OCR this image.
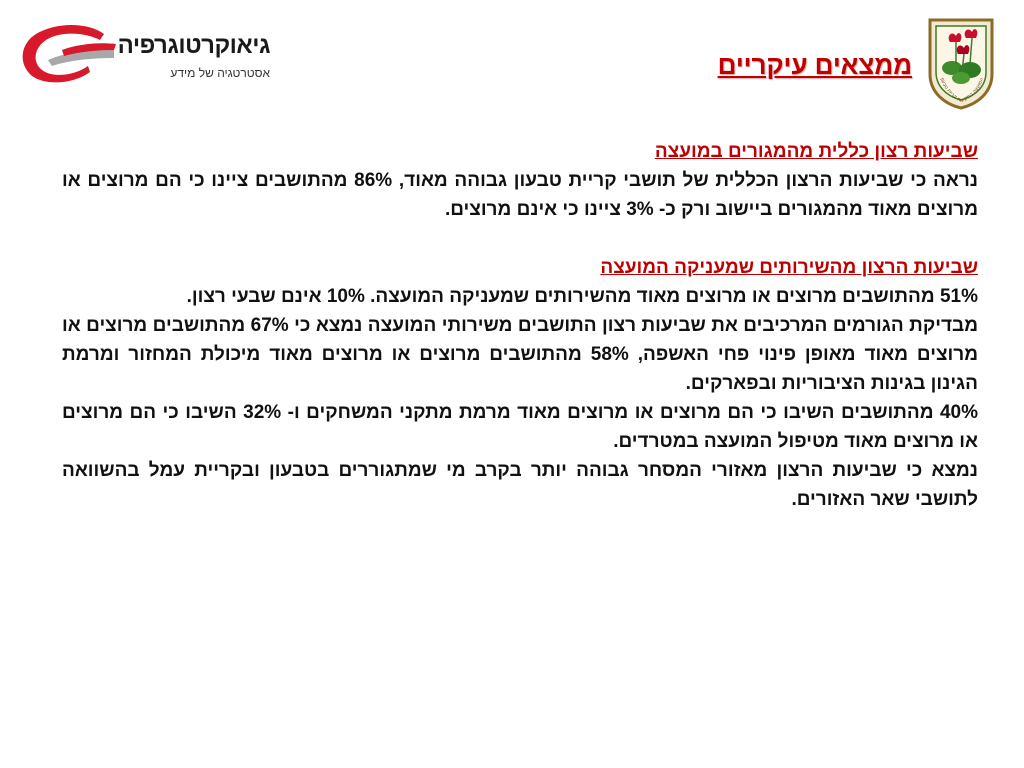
גיאוקרטוגרפיה
אסטרטגיה של מידע	ממצאים עיקריים	המועצה המקומית קריית טבעון

שביעות רצון כללית מהמגורים במועצה

נראה כי שביעות הרצון הכללית של תושבי קריית טבעון גבוהה מאוד, 86% מהתושבים ציינו כי הם מרוצים או מרוצים מאוד מהמגורים ביישוב ורק כ- 3% ציינו כי אינם מרוצים.

שביעות הרצון מהשירותים שמעניקה המועצה

51% מהתושבים מרוצים או מרוצים מאוד מהשירותים שמעניקה המועצה. 10% אינם שבעי רצון.

מבדיקת הגורמים המרכיבים את שביעות רצון התושבים משירותי המועצה נמצא כי 67% מהתושבים מרוצים או מרוצים מאוד מאופן פינוי פחי האשפה, 58% מהתושבים מרוצים או מרוצים מאוד מיכולת המחזור ומרמת הגינון בגינות הציבוריות ובפארקים.

40% מהתושבים השיבו כי הם מרוצים או מרוצים מאוד מרמת מתקני המשחקים ו- 32% השיבו כי הם מרוצים או מרוצים מאוד מטיפול המועצה במטרדים.

נמצא כי שביעות הרצון מאזורי המסחר גבוהה יותר בקרב מי שמתגוררים בטבעון ובקריית עמל בהשוואה לתושבי שאר האזורים.
